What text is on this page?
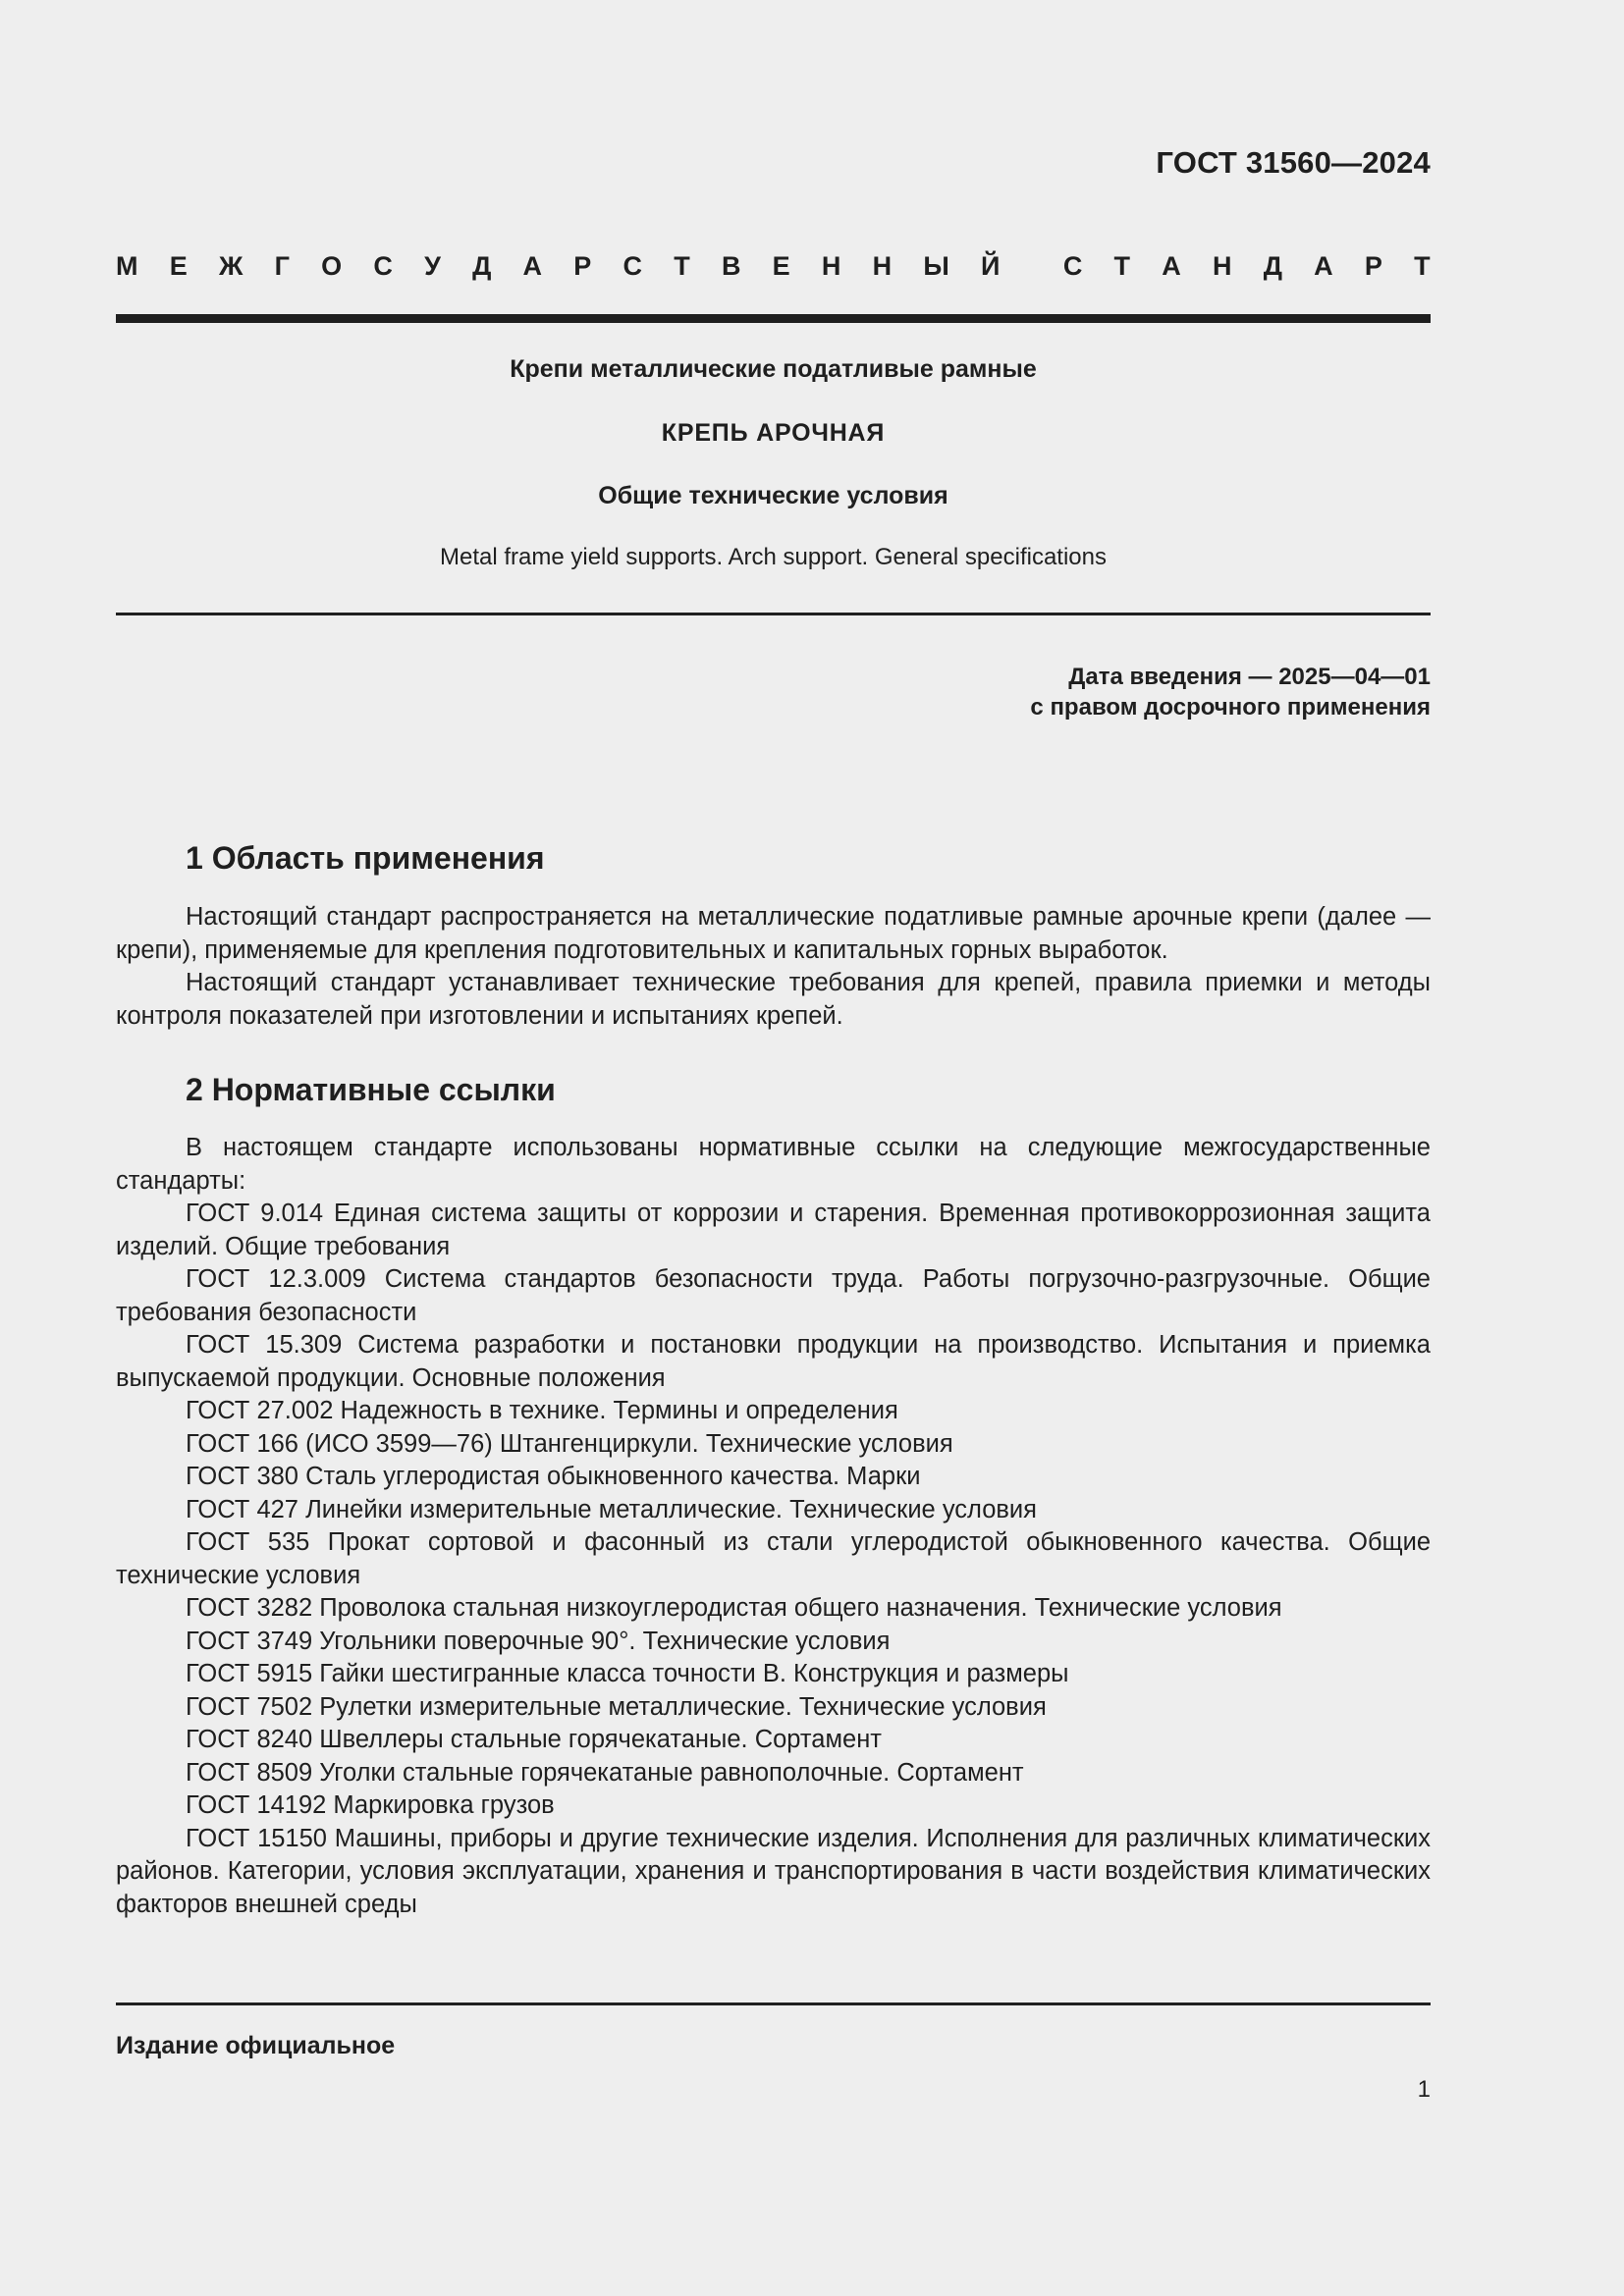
ГОСТ 31560—2024
М Е Ж Г О С У Д А Р С Т В Е Н Н Ы Й С Т А Н Д А Р Т
Крепи металлические податливые рамные
КРЕПЬ АРОЧНАЯ
Общие технические условия
Metal frame yield supports. Arch support. General specifications
Дата введения — 2025—04—01
с правом досрочного применения
1 Область применения

Настоящий стандарт распространяется на металлические податливые рамные арочные крепи (далее — крепи), применяемые для крепления подготовительных и капитальных горных выработок.

Настоящий стандарт устанавливает технические требования для крепей, правила приемки и методы контроля показателей при изготовлении и испытаниях крепей.

2 Нормативные ссылки

В настоящем стандарте использованы нормативные ссылки на следующие межгосударственные стандарты:

ГОСТ 9.014 Единая система защиты от коррозии и старения. Временная противокоррозионная защита изделий. Общие требования
ГОСТ 12.3.009 Система стандартов безопасности труда. Работы погрузочно-разгрузочные. Общие требования безопасности
ГОСТ 15.309 Система разработки и постановки продукции на производство. Испытания и приемка выпускаемой продукции. Основные положения
ГОСТ 27.002 Надежность в технике. Термины и определения
ГОСТ 166 (ИСО 3599—76) Штангенциркули. Технические условия
ГОСТ 380 Сталь углеродистая обыкновенного качества. Марки
ГОСТ 427 Линейки измерительные металлические. Технические условия
ГОСТ 535 Прокат сортовой и фасонный из стали углеродистой обыкновенного качества. Общие технические условия
ГОСТ 3282 Проволока стальная низкоуглеродистая общего назначения. Технические условия
ГОСТ 3749 Угольники поверочные 90°. Технические условия
ГОСТ 5915 Гайки шестигранные класса точности В. Конструкция и размеры
ГОСТ 7502 Рулетки измерительные металлические. Технические условия
ГОСТ 8240 Швеллеры стальные горячекатаные. Сортамент
ГОСТ 8509 Уголки стальные горячекатаные равнополочные. Сортамент
ГОСТ 14192 Маркировка грузов
ГОСТ 15150 Машины, приборы и другие технические изделия. Исполнения для различных климатических районов. Категории, условия эксплуатации, хранения и транспортирования в части воздействия климатических факторов внешней среды
Издание официальное
1
